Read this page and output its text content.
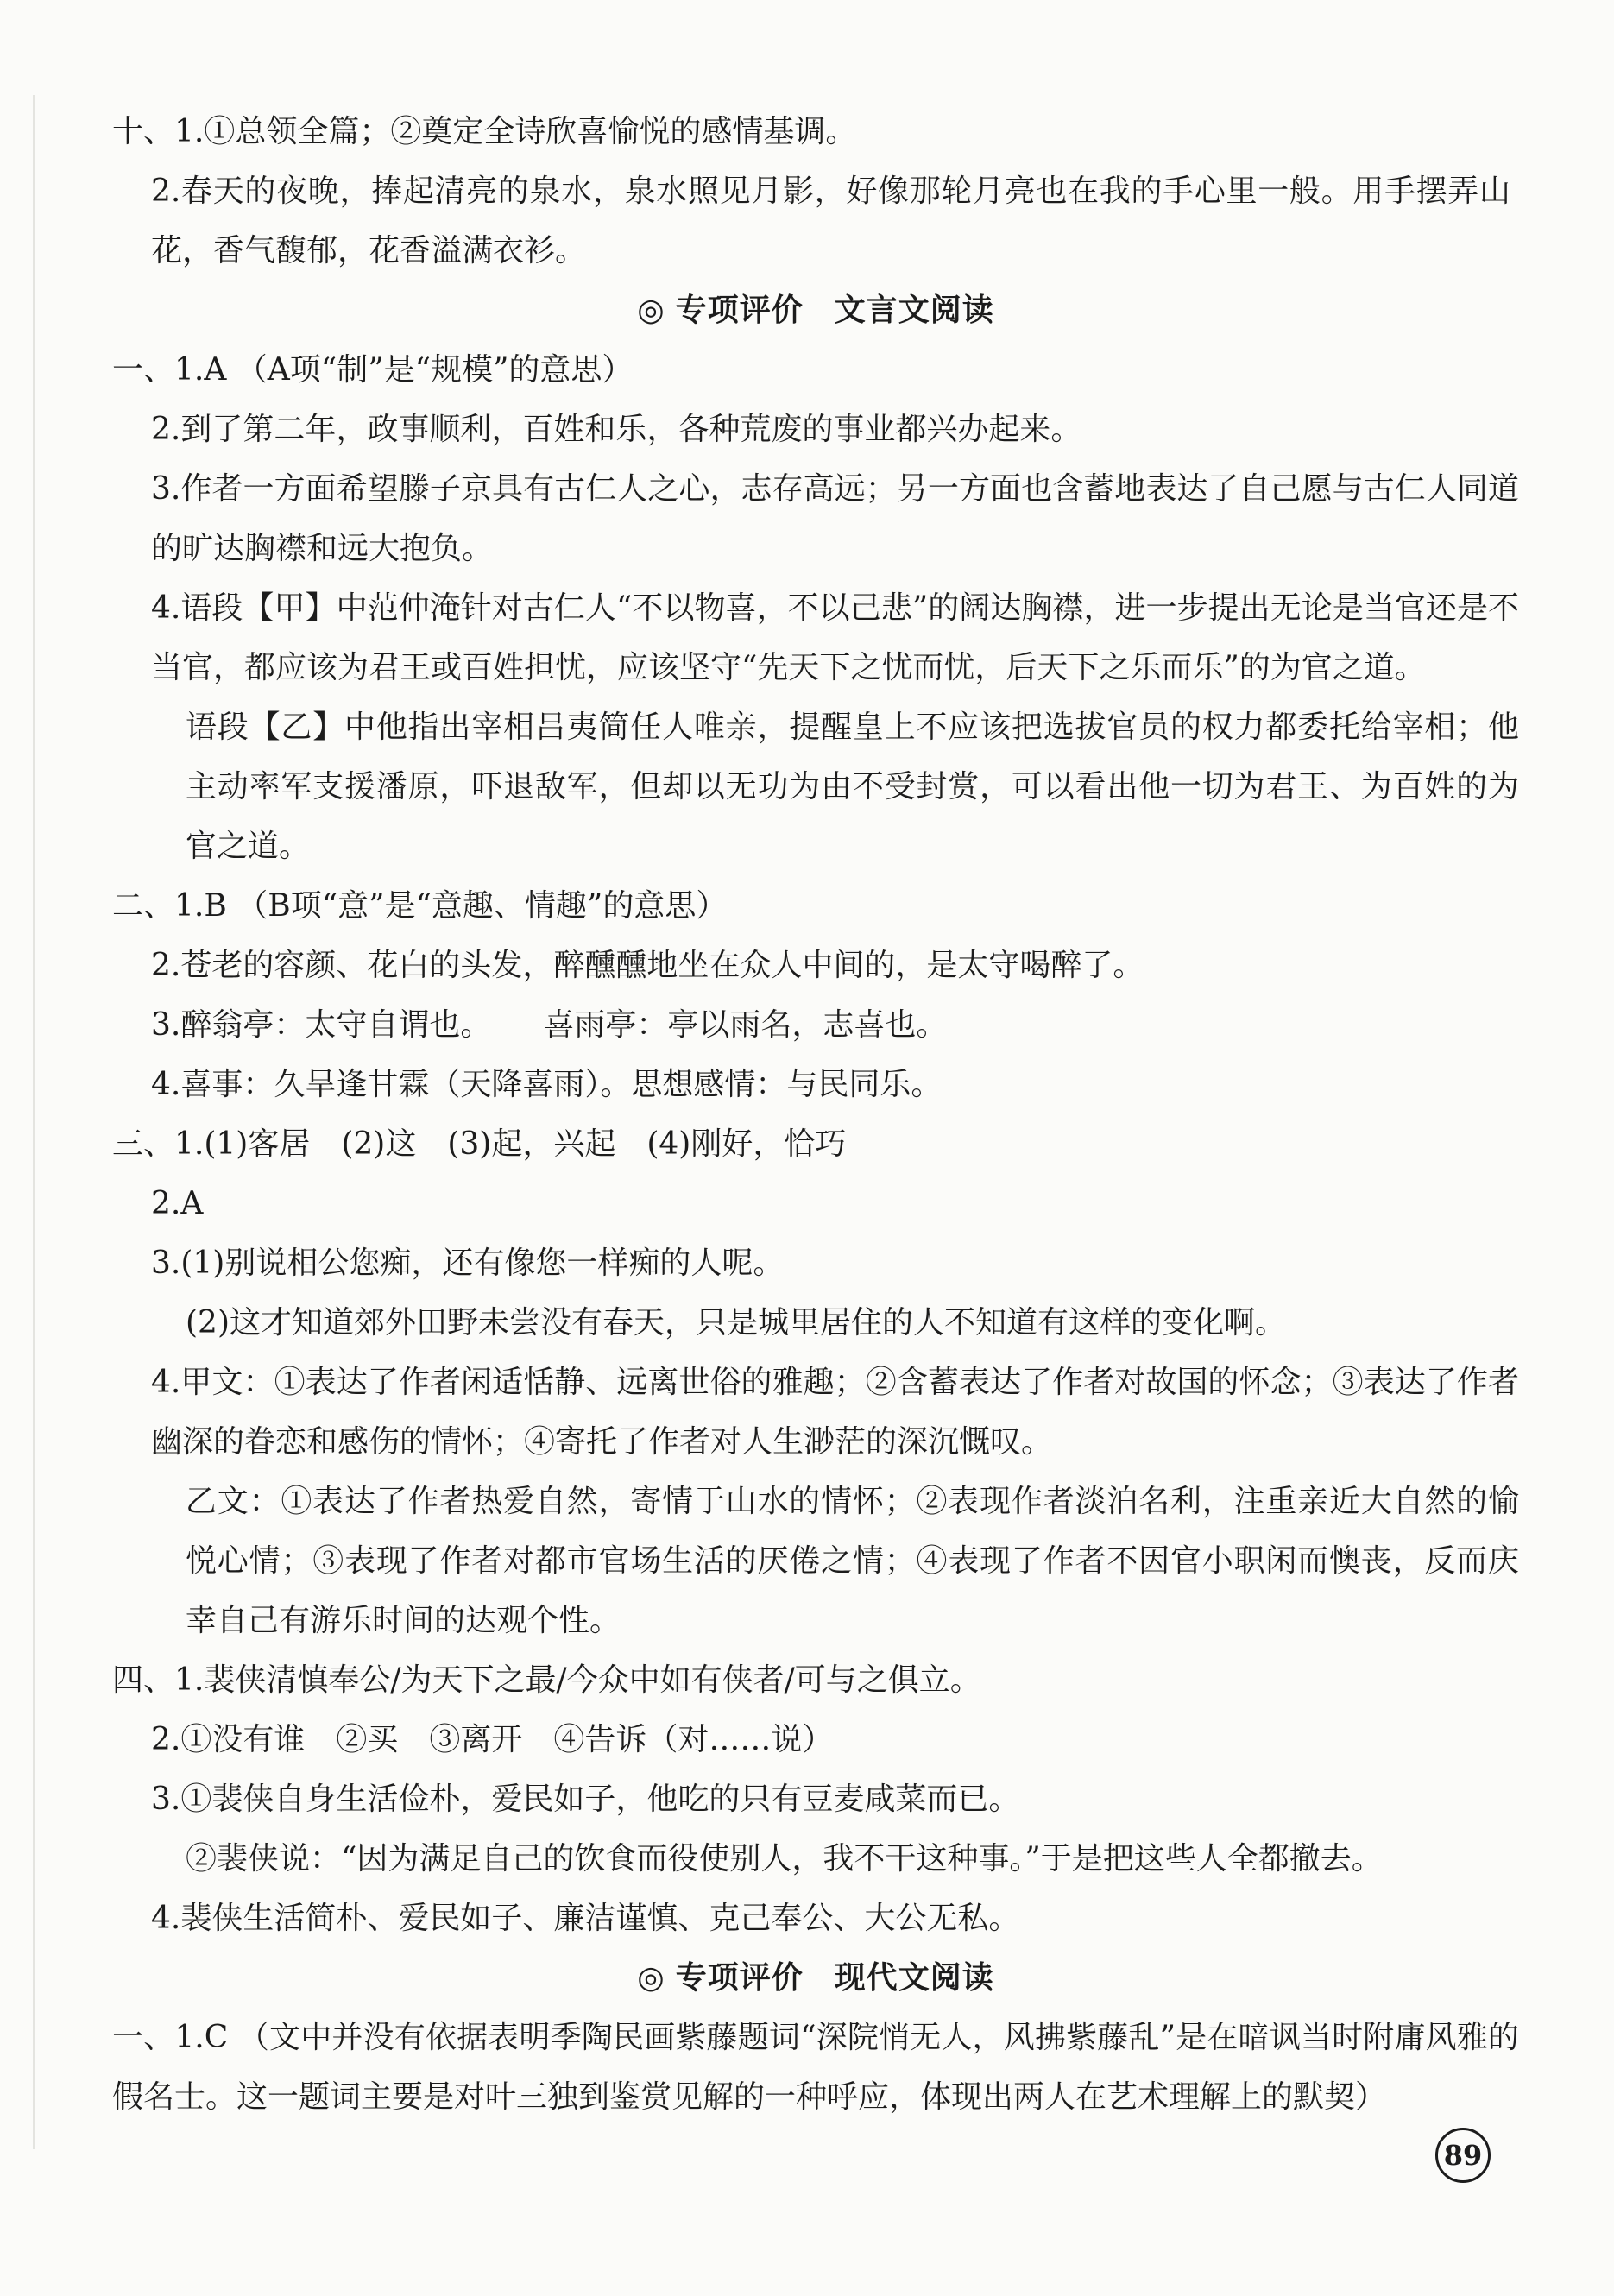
十、1.①总领全篇；②奠定全诗欣喜愉悦的感情基调。

2.春天的夜晚，捧起清亮的泉水，泉水照见月影，好像那轮月亮也在我的手心里一般。用手摆弄山花，香气馥郁，花香溢满衣衫。

◎ 专项评价 文言文阅读

一、1.A （A项“制”是“规模”的意思）

2.到了第二年，政事顺利，百姓和乐，各种荒废的事业都兴办起来。

3.作者一方面希望滕子京具有古仁人之心，志存高远；另一方面也含蓄地表达了自己愿与古仁人同道的旷达胸襟和远大抱负。

4.语段【甲】中范仲淹针对古仁人“不以物喜，不以己悲”的阔达胸襟，进一步提出无论是当官还是不当官，都应该为君王或百姓担忧，应该坚守“先天下之忧而忧，后天下之乐而乐”的为官之道。

语段【乙】中他指出宰相吕夷简任人唯亲，提醒皇上不应该把选拔官员的权力都委托给宰相；他主动率军支援潘原，吓退敌军，但却以无功为由不受封赏，可以看出他一切为君王、为百姓的为官之道。

二、1.B （B项“意”是“意趣、情趣”的意思）

2.苍老的容颜、花白的头发，醉醺醺地坐在众人中间的，是太守喝醉了。

3.醉翁亭：太守自谓也。 喜雨亭：亭以雨名，志喜也。

4.喜事：久旱逢甘霖（天降喜雨）。思想感情：与民同乐。

三、1.(1)客居　(2)这　(3)起，兴起　(4)刚好，恰巧

2.A

3.(1)别说相公您痴，还有像您一样痴的人呢。

(2)这才知道郊外田野未尝没有春天，只是城里居住的人不知道有这样的变化啊。

4.甲文：①表达了作者闲适恬静、远离世俗的雅趣；②含蓄表达了作者对故国的怀念；③表达了作者幽深的眷恋和感伤的情怀；④寄托了作者对人生渺茫的深沉慨叹。

乙文：①表达了作者热爱自然，寄情于山水的情怀；②表现作者淡泊名利，注重亲近大自然的愉悦心情；③表现了作者对都市官场生活的厌倦之情；④表现了作者不因官小职闲而懊丧，反而庆幸自己有游乐时间的达观个性。

四、1.裴侠清慎奉公/为天下之最/今众中如有侠者/可与之俱立。

2.①没有谁　②买　③离开　④告诉（对……说）

3.①裴侠自身生活俭朴，爱民如子，他吃的只有豆麦咸菜而已。

②裴侠说：“因为满足自己的饮食而役使别人，我不干这种事。”于是把这些人全都撤去。

4.裴侠生活简朴、爱民如子、廉洁谨慎、克己奉公、大公无私。

◎ 专项评价 现代文阅读

一、1.C （文中并没有依据表明季陶民画紫藤题词“深院悄无人，风拂紫藤乱”是在暗讽当时附庸风雅的假名士。这一题词主要是对叶三独到鉴赏见解的一种呼应，体现出两人在艺术理解上的默契）

89
